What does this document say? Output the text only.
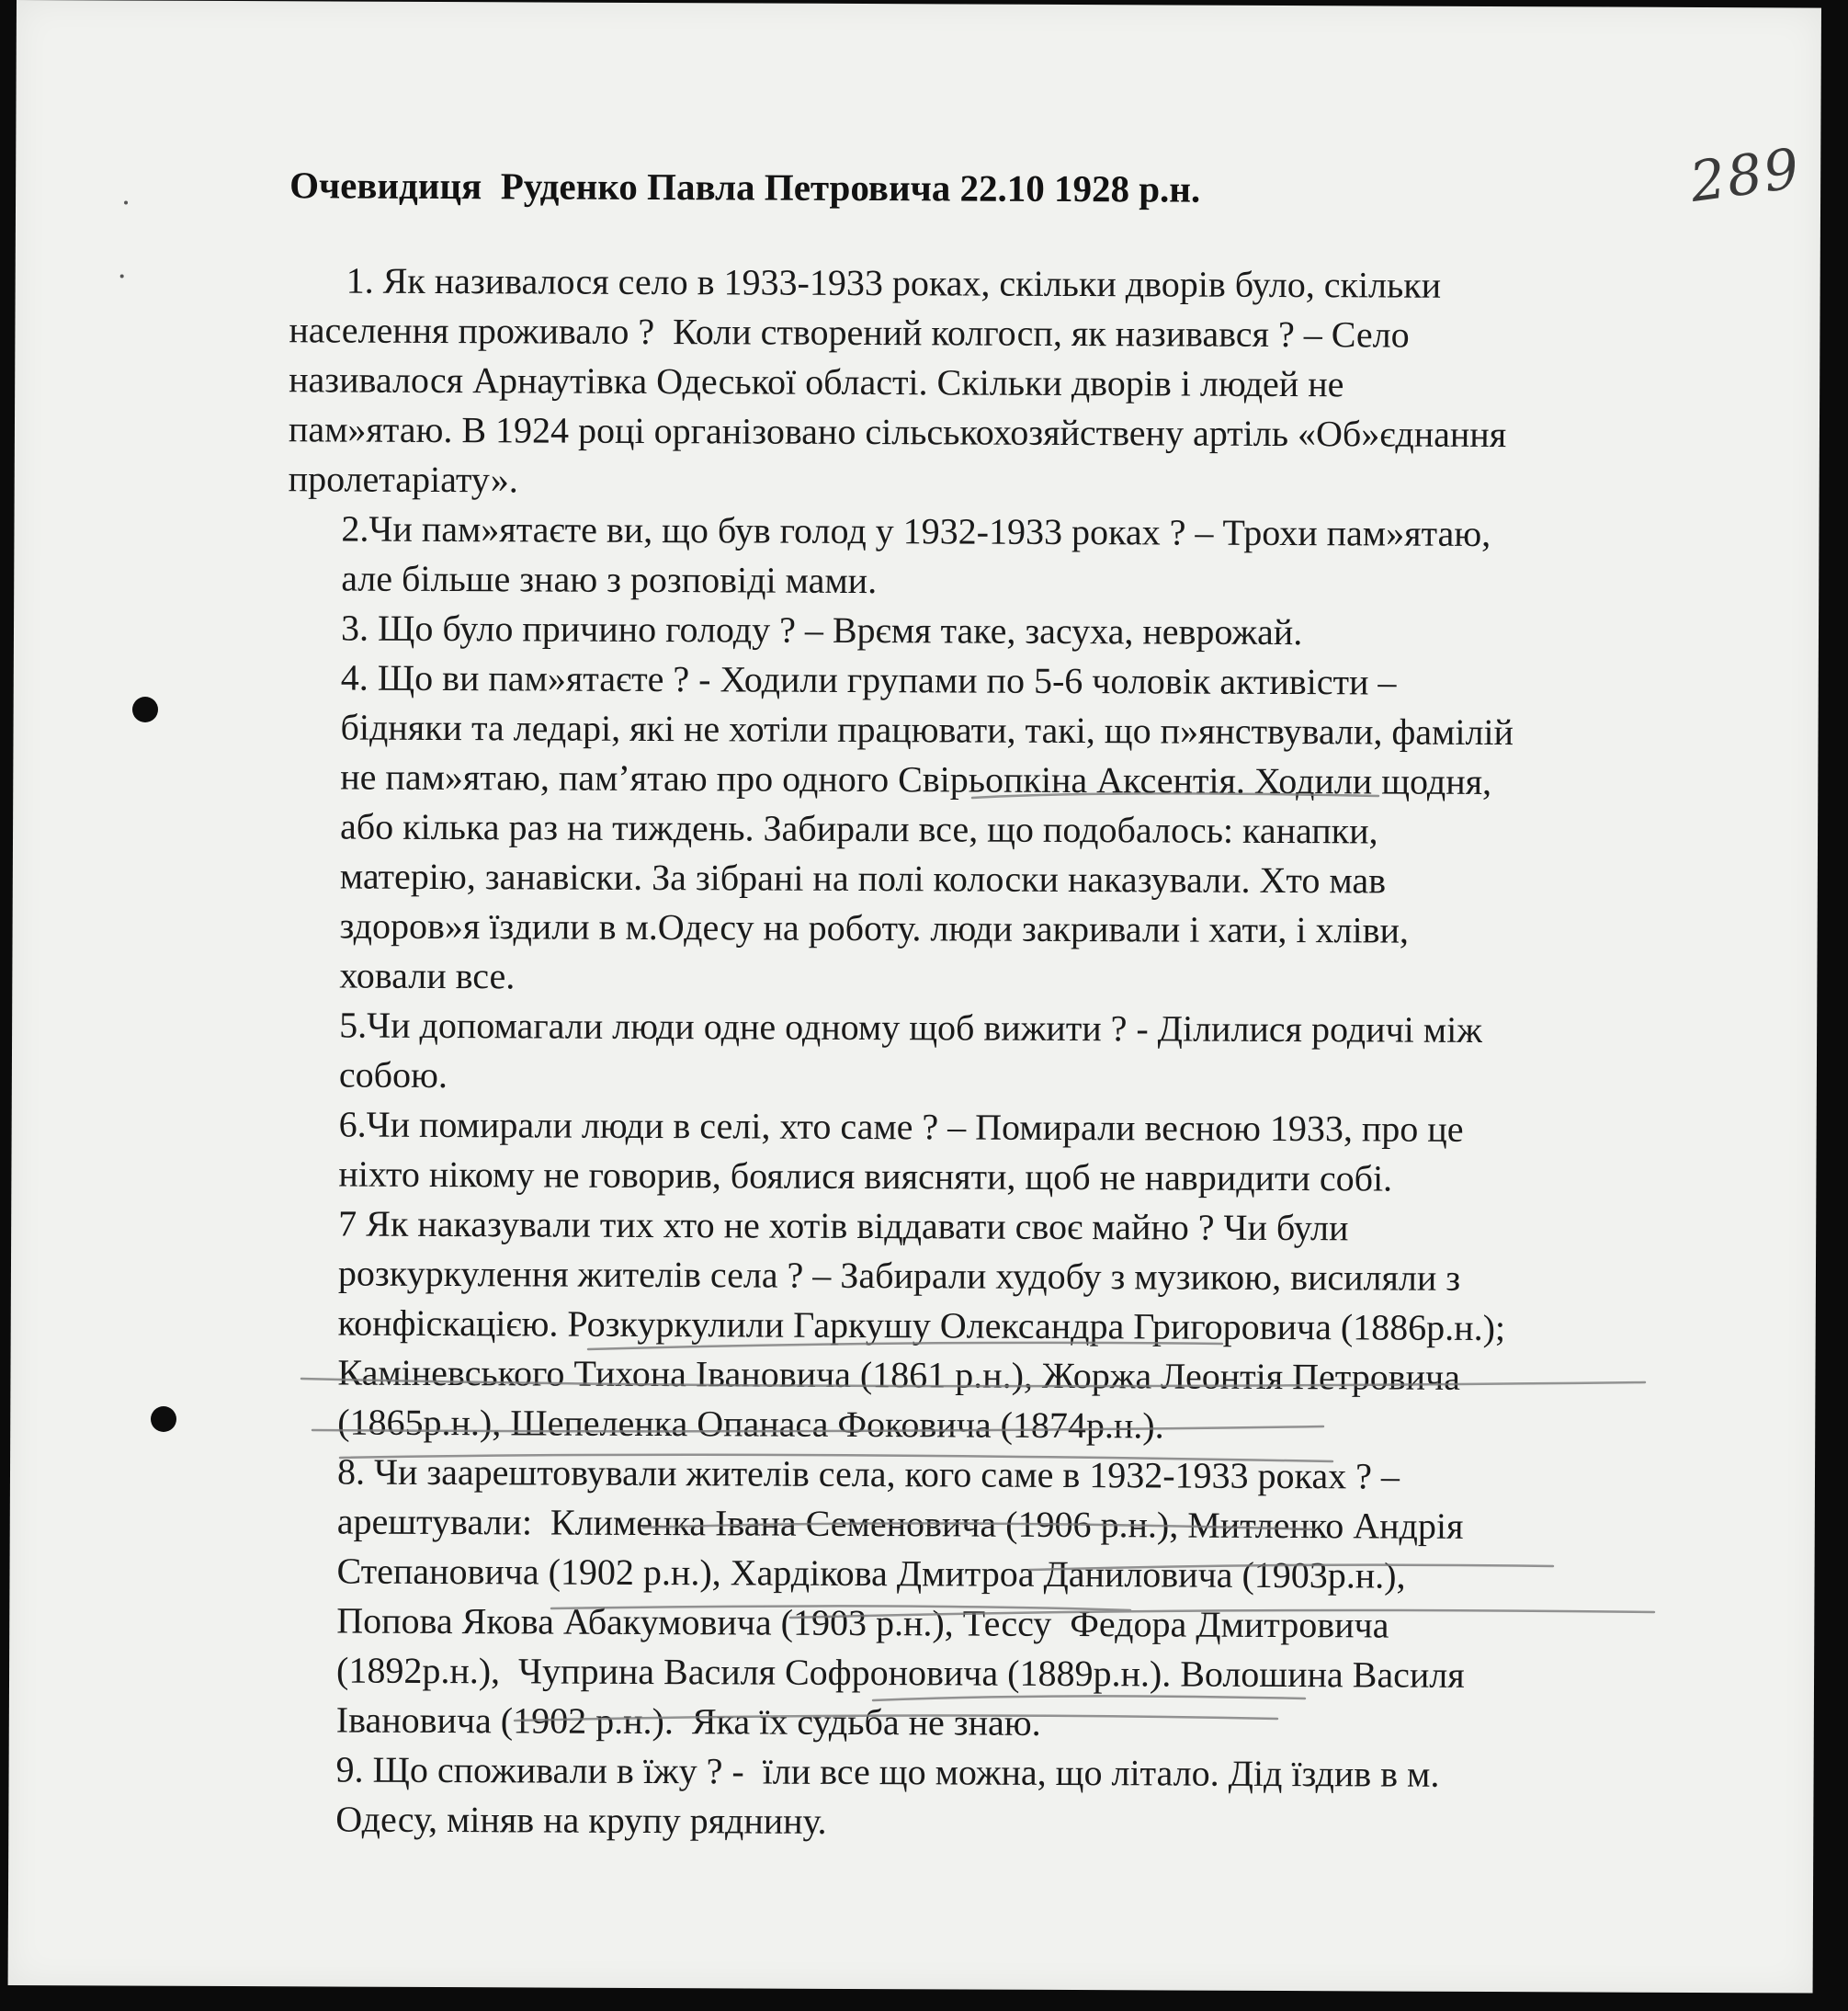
289
Очевидиця  Руденко Павла Петровича 22.10 1928 р.н.
1. Як називалося село в 1933-1933 роках, скільки дворів було, скільки
населення проживало ?  Коли створений колгосп, як називався ? – Село
називалося Арнаутівка Одеської області. Скільки дворів і людей не
пам»ятаю. В 1924 році організовано сільськохозяйствену артіль «Об»єднання
пролетаріату».
2.Чи пам»ятаєте ви, що був голод у 1932-1933 роках ? – Трохи пам»ятаю,
але більше знаю з розповіді мами.
3. Що було причино голоду ? – Врємя таке, засуха, неврожай.
4. Що ви пам»ятаєте ? - Ходили групами по 5-6 чоловік активісти –
бідняки та ледарі, які не хотіли працювати, такі, що п»янствували, фамілій
не пам»ятаю, пам’ятаю про одного Свірьопкіна Аксентія. Ходили щодня,
або кілька раз на тиждень. Забирали все, що подобалось: канапки,
матерію, занавіски. За зібрані на полі колоски наказували. Хто мав
здоров»я їздили в м.Одесу на роботу. люди закривали і хати, і хліви,
ховали все.
5.Чи допомагали люди одне одному щоб вижити ? - Ділилися родичі між
собою.
6.Чи помирали люди в селі, хто саме ? – Помирали весною 1933, про це
ніхто нікому не говорив, боялися виясняти, щоб не навридити собі.
7 Як наказували тих хто не хотів віддавати своє майно ? Чи були
розкуркулення жителів села ? – Забирали худобу з музикою, висиляли з
конфіскацією. Розкуркулили Гаркушу Олександра Григоровича (1886р.н.);
Каміневського Тихона Івановича (1861 р.н.), Жоржа Леонтія Петровича
(1865р.н.), Шепеленка Опанаса Фоковича (1874р.н.).
8. Чи заарештовували жителів села, кого саме в 1932-1933 роках ? –
арештували:  Клименка Івана Семеновича (1906 р.н.), Митленко Андрія
Степановича (1902 р.н.), Хардікова Дмитроа Даниловича (1903р.н.),
Попова Якова Абакумовича (1903 р.н.), Тессу  Федора Дмитровича
(1892р.н.),  Чуприна Василя Софроновича (1889р.н.). Волошина Василя
Івановича (1902 р.н.).  Яка їх судьба не знаю.
9. Що споживали в їжу ? -  їли все що можна, що літало. Дід їздив в м.
Одесу, міняв на крупу ряднину.
